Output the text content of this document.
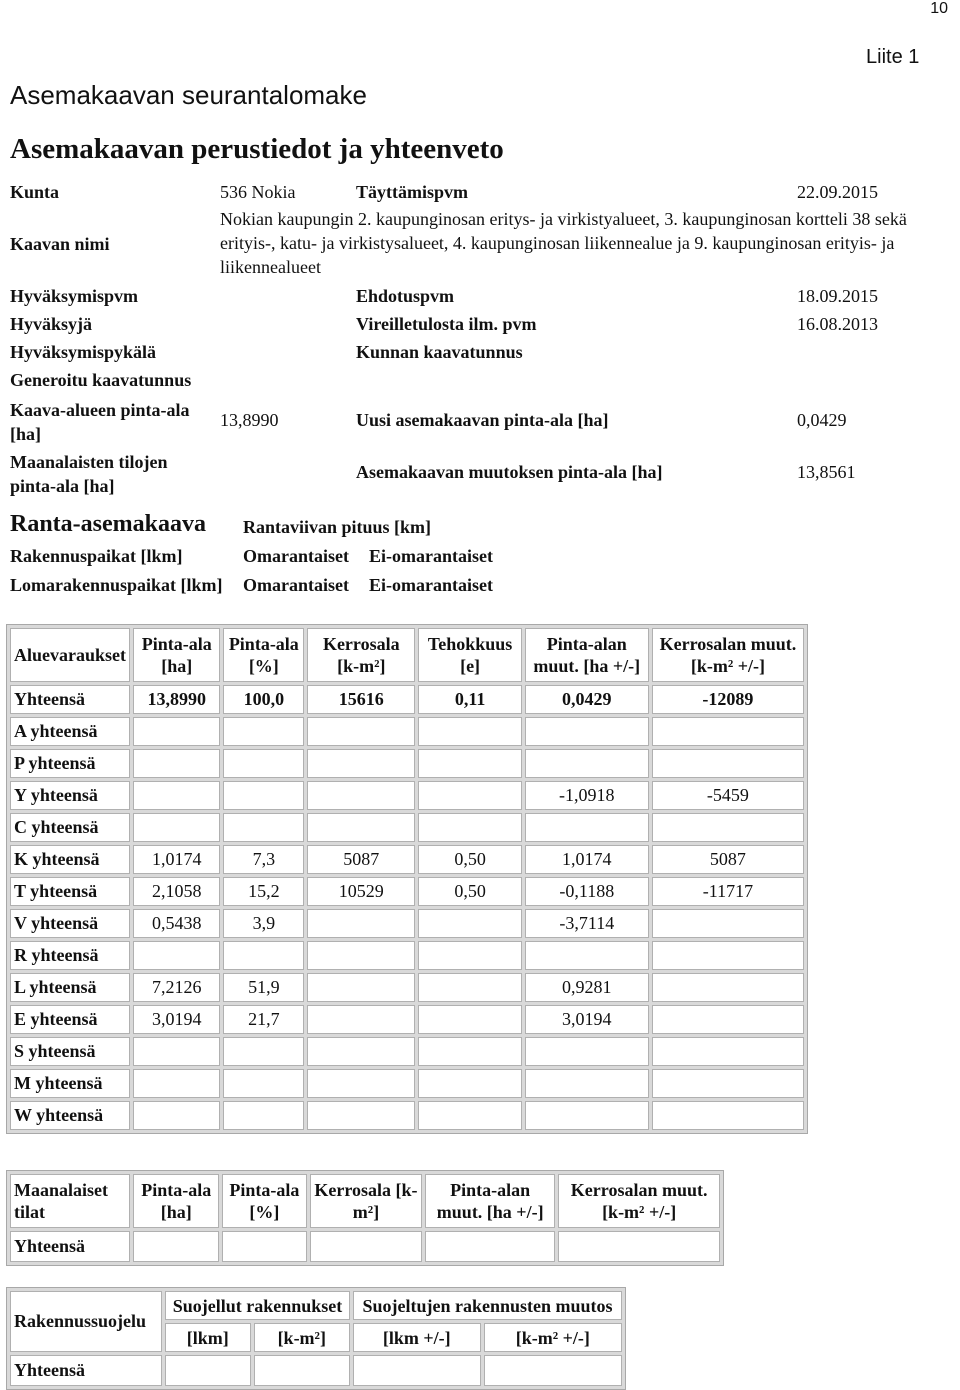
10
Liite 1
Asemakaavan seurantalomake
Asemakaavan perustiedot ja yhteenveto
Kunta	536 Nokia	Täyttämispvm	22.09.2015
Kaavan nimi
Nokian kaupungin 2. kaupunginosan eritys- ja virkistyalueet, 3. kaupunginosan kortteli 38 sekä erityis-, katu- ja virkistysalueet, 4. kaupunginosan liikennealue ja 9. kaupunginosan erityis- ja liikennealueet
Hyväksymispvm	Ehdotuspvm	18.09.2015
Hyväksyjä	Vireilletulosta ilm. pvm	16.08.2013
Hyväksymispykälä	Kunnan kaavatunnus
Generoitu kaavatunnus
Kaava-alueen pinta-ala [ha]
13,8990	Uusi asemakaavan pinta-ala [ha]	0,0429
Maanalaisten tilojen pinta-ala [ha]
Asemakaavan muutoksen pinta-ala [ha]	13,8561
Ranta-asemakaava Rantaviivan pituus [km]
Rakennuspaikat [lkm]	Omarantaiset Ei-omarantaiset
Lomarakennuspaikat [lkm] Omarantaiset Ei-omarantaiset
Aluevaraukset	Pinta-ala [ha]	Pinta-ala [%]	Kerrosala [k-m²]	Tehokkuus [e]	Pinta-alan muut. [ha +/-]	Kerrosalan muut. [k-m² +/-]
Yhteensä	13,8990	100,0	15616	0,11	0,0429	-12089
A yhteensä						
P yhteensä						
Y yhteensä					-1,0918	-5459
C yhteensä						
K yhteensä	1,0174	7,3	5087	0,50	1,0174	5087
T yhteensä	2,1058	15,2	10529	0,50	-0,1188	-11717
V yhteensä	0,5438	3,9			-3,7114	
R yhteensä						
L yhteensä	7,2126	51,9			0,9281	
E yhteensä	3,0194	21,7			3,0194	
S yhteensä						
M yhteensä						
W yhteensä						
Maanalaiset tilat	Pinta-ala [ha]	Pinta-ala [%]	Kerrosala [k-m²]	Pinta-alan muut. [ha +/-]	Kerrosalan muut. [k-m² +/-]
Yhteensä					
Rakennussuojelu	Suojellut rakennukset		Suojeltujen rakennusten muutos	
	[lkm]	[k-m²]	[lkm +/-]	[k-m² +/-]
Yhteensä				
